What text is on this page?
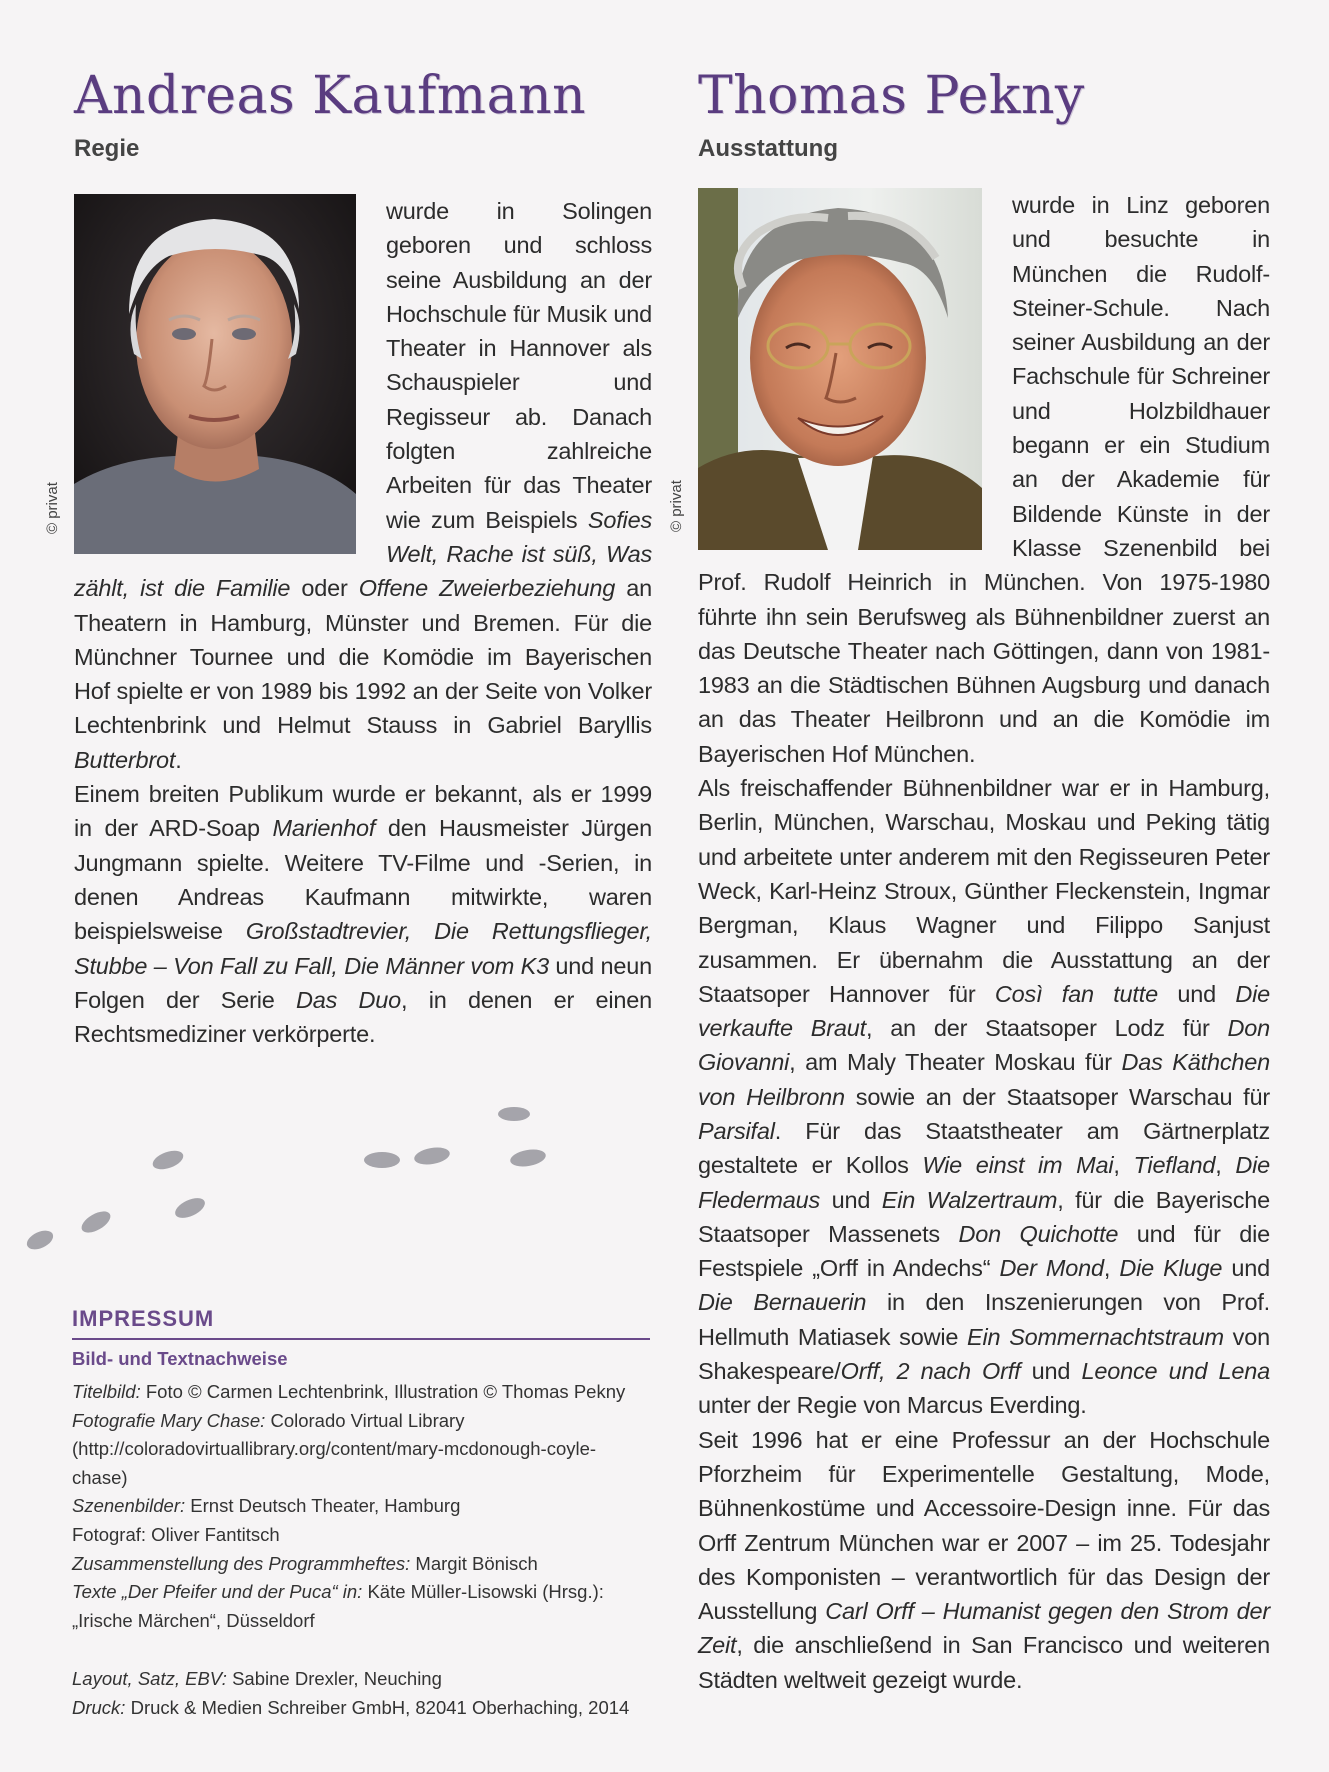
Andreas Kaufmann
Regie
© privat

wurde in Solingen geboren und schloss seine Ausbildung an der Hochschule für Musik und Theater in Hannover als Schauspieler und Regisseur ab. Danach folgten zahlreiche Arbeiten für das Theater wie zum Beispiels Sofies Welt, Rache ist süß, Was zählt, ist die Familie oder Offene Zweierbeziehung an Theatern in Hamburg, Münster und Bremen. Für die Münchner Tournee und die Komödie im Bayerischen Hof spielte er von 1989 bis 1992 an der Seite von Volker Lechtenbrink und Helmut Stauss in Gabriel Baryllis Butterbrot.

Einem breiten Publikum wurde er bekannt, als er 1999 in der ARD-Soap Marienhof den Hausmeister Jürgen Jungmann spielte. Weitere TV-Filme und -Serien, in denen Andreas Kaufmann mitwirkte, waren beispielsweise Großstadtrevier, Die Rettungsflieger, Stubbe – Von Fall zu Fall, Die Männer vom K3 und neun Folgen der Serie Das Duo, in denen er einen Rechtsmediziner verkörperte.

Thomas Pekny
Ausstattung
© privat

wurde in Linz geboren und besuchte in München die Rudolf-Steiner-Schule. Nach seiner Ausbildung an der Fachschule für Schreiner und Holzbildhauer begann er ein Studium an der Akademie für Bildende Künste in der Klasse Szenenbild bei Prof. Rudolf Heinrich in München. Von 1975-1980 führte ihn sein Berufsweg als Bühnenbildner zuerst an das Deutsche Theater nach Göttingen, dann von 1981-1983 an die Städtischen Bühnen Augsburg und danach an das Theater Heilbronn und an die Komödie im Bayerischen Hof München.

Als freischaffender Bühnenbildner war er in Hamburg, Berlin, München, Warschau, Moskau und Peking tätig und arbeitete unter anderem mit den Regisseuren Peter Weck, Karl-Heinz Stroux, Günther Fleckenstein, Ingmar Bergman, Klaus Wagner und Filippo Sanjust zusammen. Er übernahm die Ausstattung an der Staatsoper Hannover für Così fan tutte und Die verkaufte Braut, an der Staatsoper Lodz für Don Giovanni, am Maly Theater Moskau für Das Käthchen von Heilbronn sowie an der Staatsoper Warschau für Parsifal. Für das Staatstheater am Gärtnerplatz gestaltete er Kollos Wie einst im Mai, Tiefland, Die Fledermaus und Ein Walzertraum, für die Bayerische Staatsoper Massenets Don Quichotte und für die Festspiele „Orff in Andechs“ Der Mond, Die Kluge und Die Bernauerin in den Inszenierungen von Prof. Hellmuth Matiasek sowie Ein Sommernachtstraum von Shakespeare/Orff, 2 nach Orff und Leonce und Lena unter der Regie von Marcus Everding.

Seit 1996 hat er eine Professur an der Hochschule Pforzheim für Experimentelle Gestaltung, Mode, Bühnenkostüme und Accessoire-Design inne. Für das Orff Zentrum München war er 2007 – im 25. Todesjahr des Komponisten – verantwortlich für das Design der Ausstellung Carl Orff – Humanist gegen den Strom der Zeit, die anschließend in San Francisco und weiteren Städten weltweit gezeigt wurde.

IMPRESSUM
Bild- und Textnachweise

Titelbild: Foto © Carmen Lechtenbrink, Illustration © Thomas Pekny

Fotografie Mary Chase: Colorado Virtual Library

(http://coloradovirtuallibrary.org/content/mary-mcdonough-coyle-chase)

Szenenbilder: Ernst Deutsch Theater, Hamburg

Fotograf: Oliver Fantitsch

Zusammenstellung des Programmheftes: Margit Bönisch

Texte „Der Pfeifer und der Puca“ in: Käte Müller-Lisowski (Hrsg.):

„Irische Märchen“, Düsseldorf

Layout, Satz, EBV: Sabine Drexler, Neuching

Druck: Druck & Medien Schreiber GmbH, 82041 Oberhaching, 2014
